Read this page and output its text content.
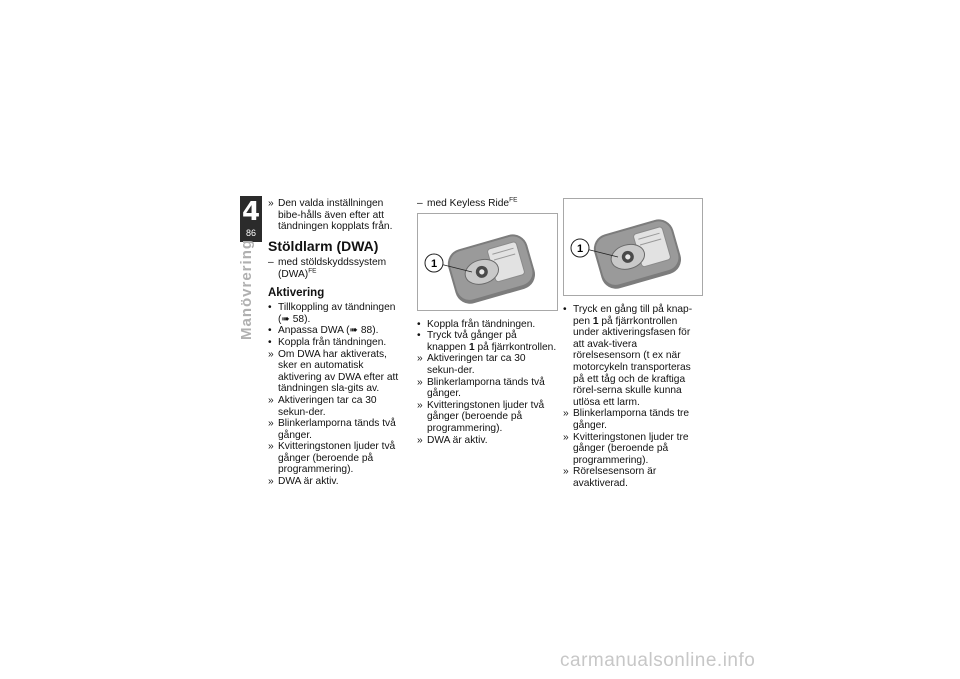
4
86
Manövrering

» Den valda inställningen bibe-hålls även efter att tändningen kopplats från.

Stöldlarm (DWA)

– med stöldskyddssystem (DWA)$^{FE}$

Aktivering

• Tillkoppling av tändningen (➠ 58).

• Anpassa DWA (➠ 88).

• Koppla från tändningen.

» Om DWA har aktiverats, sker en automatisk aktivering av DWA efter att tändningen sla-gits av.

» Aktiveringen tar ca 30 sekun-der.

» Blinkerlamporna tänds två gånger.

» Kvitteringstonen ljuder två gånger (beroende på programmering).

» DWA är aktiv.

– med Keyless Ride$^{FE}$

1

• Koppla från tändningen.

• Tryck två gånger på knappen 1 på fjärrkontrollen.

» Aktiveringen tar ca 30 sekun-der.

» Blinkerlamporna tänds två gånger.

» Kvitteringstonen ljuder två gånger (beroende på programmering).

» DWA är aktiv.

1

• Tryck en gång till på knap-pen 1 på fjärrkontrollen under aktiveringsfasen för att avak-tivera rörelsesensorn (t ex när motorcykeln transporteras på ett tåg och de kraftiga rörel-serna skulle kunna utlösa ett larm.

» Blinkerlamporna tänds tre gånger.

» Kvitteringstonen ljuder tre gånger (beroende på programmering).

» Rörelsesensorn är avaktiverad.

carmanualsonline.info
